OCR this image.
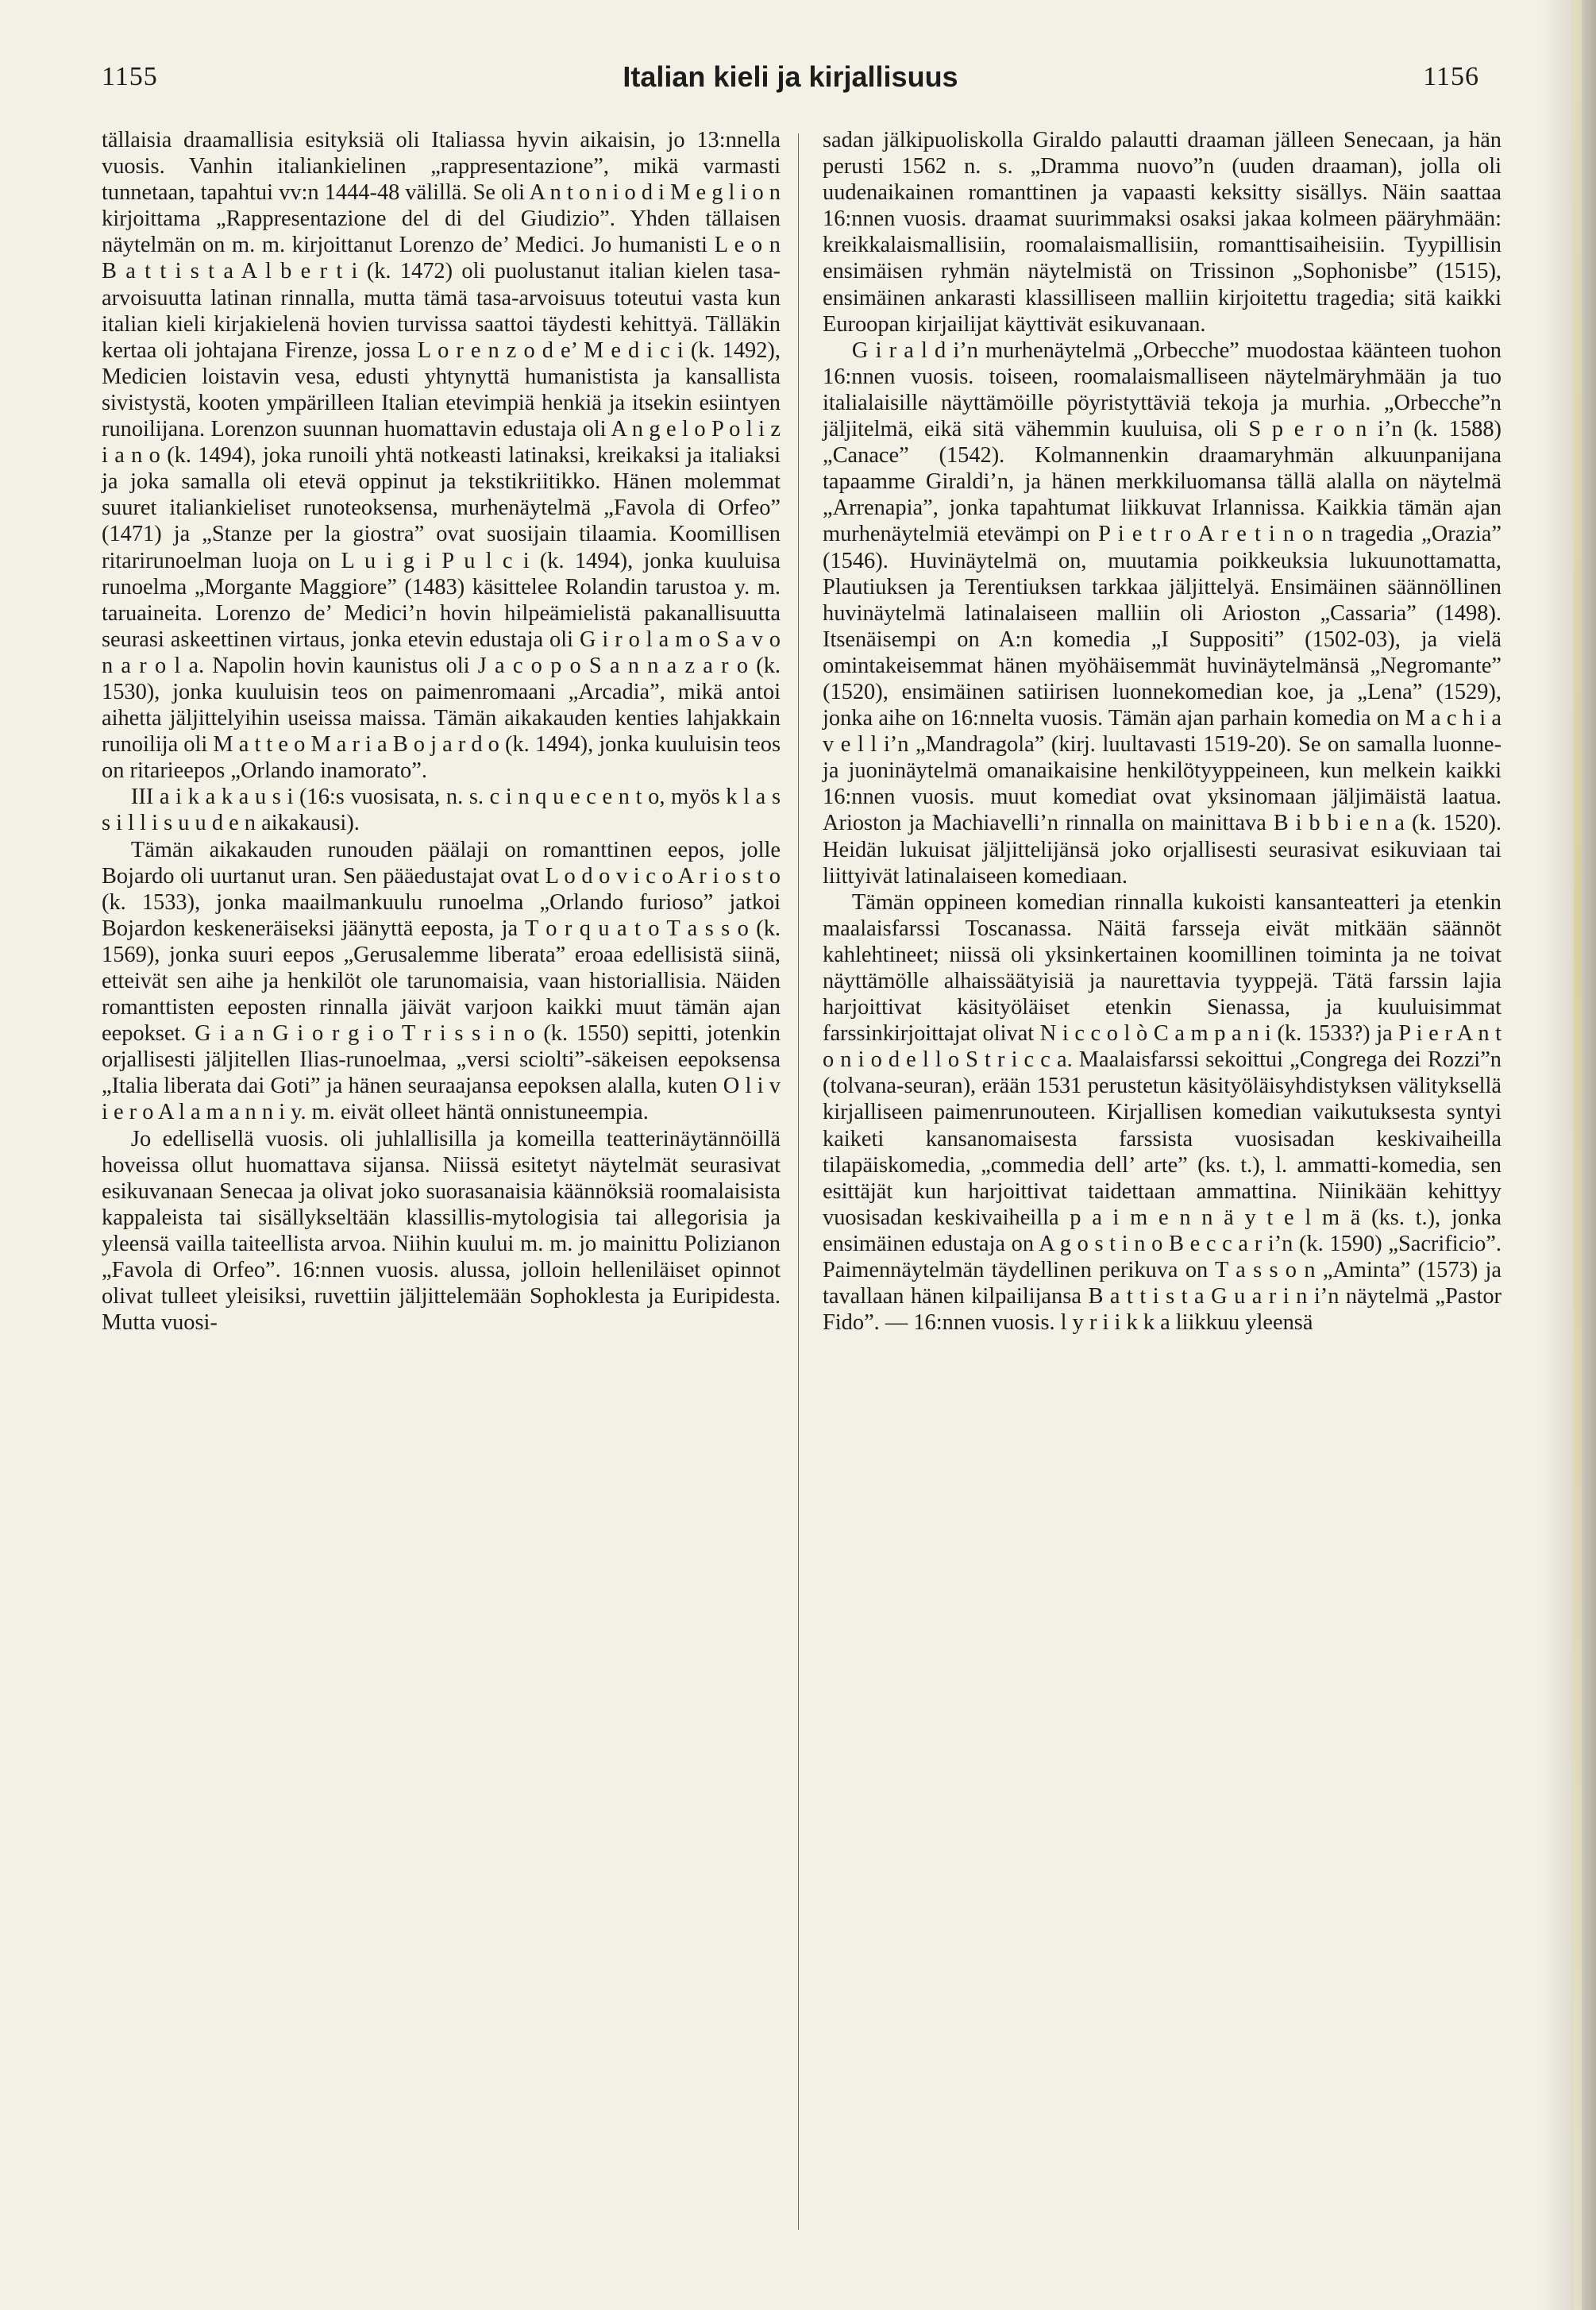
1155	Italian kieli ja kirjallisuus	1156

tällaisia draamallisia esityksiä oli Italiassa hyvin aikaisin, jo 13:nnella vuosis. Vanhin italiankielinen „rappresentazione”, mikä varmasti tunnetaan, tapahtui vv:n 1444-48 välillä. Se oli A n t o n i o d i M e g l i o n kirjoittama „Rappresentazione del di del Giudizio”. Yhden tällaisen näytelmän on m. m. kirjoittanut Lorenzo de’ Medici. Jo humanisti L e o n B a t t i s t a A l b e r t i (k. 1472) oli puolustanut italian kielen tasa-arvoisuutta latinan rinnalla, mutta tämä tasa-arvoisuus toteutui vasta kun italian kieli kirjakielenä hovien turvissa saattoi täydesti kehittyä. Tälläkin kertaa oli johtajana Firenze, jossa L o r e n z o d e’ M e d i c i (k. 1492), Medicien loistavin vesa, edusti yhtynyttä humanistista ja kansallista sivistystä, kooten ympärilleen Italian etevimpiä henkiä ja itsekin esiintyen runoilijana. Lorenzon suunnan huomattavin edustaja oli A n g e l o P o l i z i a n o (k. 1494), joka runoili yhtä notkeasti latinaksi, kreikaksi ja italiaksi ja joka samalla oli etevä oppinut ja tekstikriitikko. Hänen molemmat suuret italiankieliset runoteoksensa, murhenäytelmä „Favola di Orfeo” (1471) ja „Stanze per la giostra” ovat suosijain tilaamia. Koomillisen ritarirunoelman luoja on L u i g i P u l c i (k. 1494), jonka kuuluisa runoelma „Morgante Maggiore” (1483) käsittelee Rolandin tarustoa y. m. taruaineita. Lorenzo de’ Medici’n hovin hilpeämielistä pakanallisuutta seurasi askeettinen virtaus, jonka etevin edustaja oli G i r o l a m o S a v o n a r o l a. Napolin hovin kaunistus oli J a c o p o S a n n a z a r o (k. 1530), jonka kuuluisin teos on paimenromaani „Arcadia”, mikä antoi aihetta jäljittelyihin useissa maissa. Tämän aikakauden kenties lahjakkain runoilija oli M a t t e o M a r i a B o j a r d o (k. 1494), jonka kuuluisin teos on ritarieepos „Orlando inamorato”.

III a i k a k a u s i (16:s vuosisata, n. s. c i n q u e c e n t o, myös k l a s s i l l i s u u d e n aikakausi).

Tämän aikakauden runouden päälaji on romanttinen eepos, jolle Bojardo oli uurtanut uran. Sen pääedustajat ovat L o d o v i c o A r i o s t o (k. 1533), jonka maailmankuulu runoelma „Orlando furioso” jatkoi Bojardon keskeneräiseksi jäänyttä eeposta, ja T o r q u a t o T a s s o (k. 1569), jonka suuri eepos „Gerusalemme liberata” eroaa edellisistä siinä, etteivät sen aihe ja henkilöt ole tarunomaisia, vaan historiallisia. Näiden romanttisten eeposten rinnalla jäivät varjoon kaikki muut tämän ajan eepokset. G i a n G i o r g i o T r i s s i n o (k. 1550) sepitti, jotenkin orjallisesti jäljitellen Ilias-runoelmaa, „versi sciolti”-säkeisen eepoksensa „Italia liberata dai Goti” ja hänen seuraajansa eepoksen alalla, kuten O l i v i e r o A l a m a n n i y. m. eivät olleet häntä onnistuneempia.

Jo edellisellä vuosis. oli juhlallisilla ja komeilla teatterinäytännöillä hoveissa ollut huomattava sijansa. Niissä esitetyt näytelmät seurasivat esikuvanaan Senecaa ja olivat joko suorasanaisia käännöksiä roomalaisista kappaleista tai sisällykseltään klassillis-mytologisia tai allegorisia ja yleensä vailla taiteellista arvoa. Niihin kuului m. m. jo mainittu Polizianon „Favola di Orfeo”. 16:nnen vuosis. alussa, jolloin helleniläiset opinnot olivat tulleet yleisiksi, ruvettiin jäljittelemään Sophoklesta ja Euripidesta. Mutta vuosi-

sadan jälkipuoliskolla Giraldo palautti draaman jälleen Senecaan, ja hän perusti 1562 n. s. „Dramma nuovo”n (uuden draaman), jolla oli uudenaikainen romanttinen ja vapaasti keksitty sisällys. Näin saattaa 16:nnen vuosis. draamat suurimmaksi osaksi jakaa kolmeen pääryhmään: kreikkalaismallisiin, roomalaismallisiin, romanttisaiheisiin. Tyypillisin ensimäisen ryhmän näytelmistä on Trissinon „Sophonisbe” (1515), ensimäinen ankarasti klassilliseen malliin kirjoitettu tragedia; sitä kaikki Euroopan kirjailijat käyttivät esikuvanaan.

G i r a l d i’n murhenäytelmä „Orbecche” muodostaa käänteen tuohon 16:nnen vuosis. toiseen, roomalaismalliseen näytelmäryhmään ja tuo italialaisille näyttämöille pöyristyttäviä tekoja ja murhia. „Orbecche”n jäljitelmä, eikä sitä vähemmin kuuluisa, oli S p e r o n i’n (k. 1588) „Canace” (1542). Kolmannenkin draamaryhmän alkuunpanijana tapaamme Giraldi’n, ja hänen merkkiluomansa tällä alalla on näytelmä „Arrenapia”, jonka tapahtumat liikkuvat Irlannissa. Kaikkia tämän ajan murhenäytelmiä etevämpi on P i e t r o A r e t i n o n tragedia „Orazia” (1546). Huvinäytelmä on, muutamia poikkeuksia lukuunottamatta, Plautiuksen ja Terentiuksen tarkkaa jäljittelyä. Ensimäinen säännöllinen huvinäytelmä latinalaiseen malliin oli Arioston „Cassaria” (1498). Itsenäisempi on A:n komedia „I Suppositi” (1502-03), ja vielä omintakeisemmat hänen myöhäisemmät huvinäytelmänsä „Negromante” (1520), ensimäinen satiirisen luonnekomedian koe, ja „Lena” (1529), jonka aihe on 16:nnelta vuosis. Tämän ajan parhain komedia on M a c h i a v e l l i’n „Mandragola” (kirj. luultavasti 1519-20). Se on samalla luonne- ja juoninäytelmä omanaikaisine henkilötyyppeineen, kun melkein kaikki 16:nnen vuosis. muut komediat ovat yksinomaan jäljimäistä laatua. Arioston ja Machiavelli’n rinnalla on mainittava B i b b i e n a (k. 1520). Heidän lukuisat jäljittelijänsä joko orjallisesti seurasivat esikuviaan tai liittyivät latinalaiseen komediaan.

Tämän oppineen komedian rinnalla kukoisti kansanteatteri ja etenkin maalaisfarssi Toscanassa. Näitä farsseja eivät mitkään säännöt kahlehtineet; niissä oli yksinkertainen koomillinen toiminta ja ne toivat näyttämölle alhaissäätyisiä ja naurettavia tyyppejä. Tätä farssin lajia harjoittivat käsityöläiset etenkin Sienassa, ja kuuluisimmat farssinkirjoittajat olivat N i c c o l ò C a m p a n i (k. 1533?) ja P i e r A n t o n i o d e l l o S t r i c c a. Maalaisfarssi sekoittui „Congrega dei Rozzi”n (tolvana-seuran), erään 1531 perustetun käsityöläisyhdistyksen välityksellä kirjalliseen paimenrunouteen. Kirjallisen komedian vaikutuksesta syntyi kaiketi kansanomaisesta farssista vuosisadan keskivaiheilla tilapäiskomedia, „commedia dell’ arte” (ks. t.), l. ammatti-komedia, sen esittäjät kun harjoittivat taidettaan ammattina. Niinikään kehittyy vuosisadan keskivaiheilla p a i m e n n ä y t e l m ä (ks. t.), jonka ensimäinen edustaja on A g o s t i n o B e c c a r i’n (k. 1590) „Sacrificio”. Paimennäytelmän täydellinen perikuva on T a s s o n „Aminta” (1573) ja tavallaan hänen kilpailijansa B a t t i s t a G u a r i n i’n näytelmä „Pastor Fido”. — 16:nnen vuosis. l y r i i k k a liikkuu yleensä
